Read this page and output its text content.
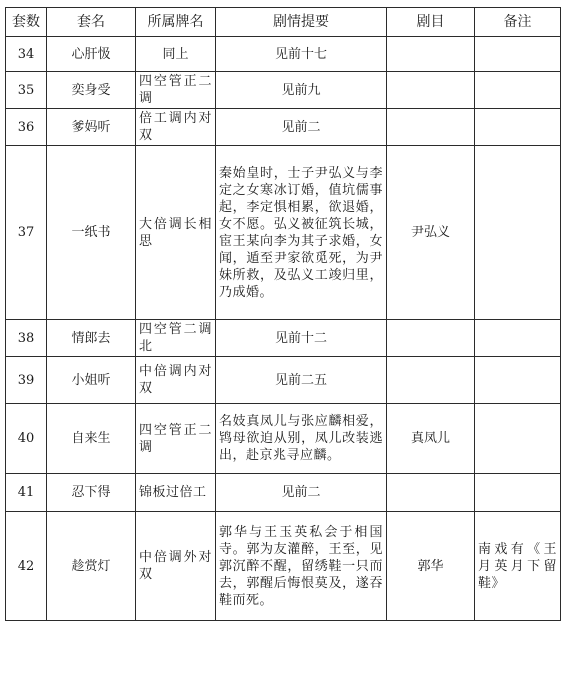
套数	套名	所属牌名	剧情提要	剧目	备注
34	心肝忣	同上	见前十七		
35	奕身受	四空管正二调	见前九		
36	爹妈听	倍工调内对双	见前二		
37	一纸书	大倍调长相思	秦始皇时，士子尹弘义与李定之女寒冰订婚，值坑儒事起，李定惧相累，欲退婚，女不愿。弘义被征筑长城，宦王某向李为其子求婚，女闻，遁至尹家欲觅死，为尹妹所救，及弘义工竣归里，乃成婚。	尹弘义	
38	情郎去	四空管二调北	见前十二		
39	小姐听	中倍调内对双	见前二五		
40	自来生	四空管正二调	名妓真凤儿与张应麟相爱，鸨母欲迫从别，凤儿改装逃出，赴京兆寻应麟。	真凤儿	
41	忍下得	锦板过倍工	见前二		
42	趁赏灯	中倍调外对双	郭华与王玉英私会于相国寺。郭为友灌醉，王至，见郭沉醉不醒，留绣鞋一只而去，郭醒后悔恨莫及，遂吞鞋而死。	郭华	南戏有《王月英月下留鞋》
